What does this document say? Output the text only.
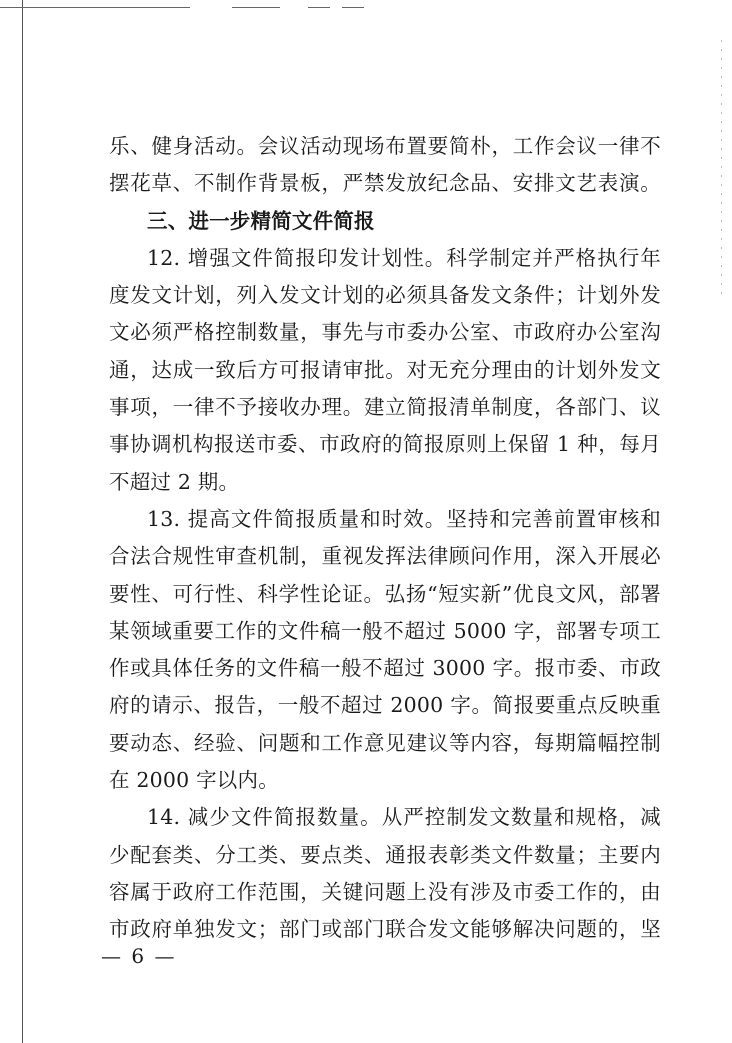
乐、健身活动。会议活动现场布置要简朴，工作会议一律不
摆花草、不制作背景板，严禁发放纪念品、安排文艺表演。
三、进一步精简文件简报
12. 增强文件简报印发计划性。科学制定并严格执行年
度发文计划，列入发文计划的必须具备发文条件；计划外发
文必须严格控制数量，事先与市委办公室、市政府办公室沟
通，达成一致后方可报请审批。对无充分理由的计划外发文
事项，一律不予接收办理。建立简报清单制度，各部门、议
事协调机构报送市委、市政府的简报原则上保留 1 种，每月
不超过 2 期。
13. 提高文件简报质量和时效。坚持和完善前置审核和
合法合规性审查机制，重视发挥法律顾问作用，深入开展必
要性、可行性、科学性论证。弘扬“短实新”优良文风，部署
某领域重要工作的文件稿一般不超过 5000 字，部署专项工
作或具体任务的文件稿一般不超过 3000 字。报市委、市政
府的请示、报告，一般不超过 2000 字。简报要重点反映重
要动态、经验、问题和工作意见建议等内容，每期篇幅控制
在 2000 字以内。
14. 减少文件简报数量。从严控制发文数量和规格，减
少配套类、分工类、要点类、通报表彰类文件数量；主要内
容属于政府工作范围，关键问题上没有涉及市委工作的，由
市政府单独发文；部门或部门联合发文能够解决问题的，坚
— 6 —
